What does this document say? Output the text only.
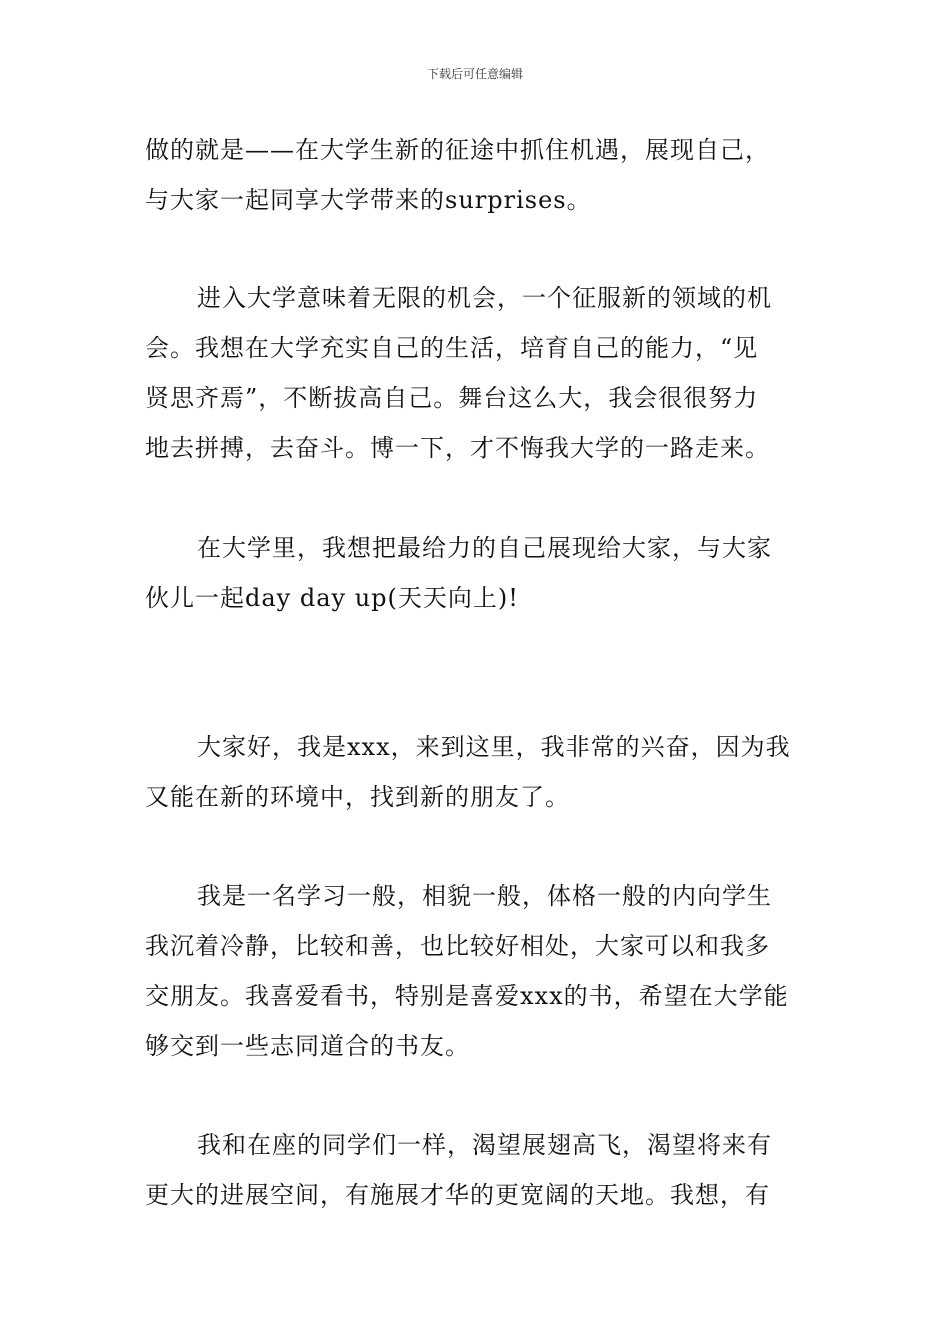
下载后可任意编辑
做的就是——在大学生新的征途中抓住机遇，展现自己，
与大家一起同享大学带来的surprises。
进入大学意味着无限的机会，一个征服新的领域的机
会。我想在大学充实自己的生活，培育自己的能力，“见
贤思齐焉”，不断拔高自己。舞台这么大，我会很很努力
地去拼搏，去奋斗。博一下，才不悔我大学的一路走来。
在大学里，我想把最给力的自己展现给大家，与大家
伙儿一起day day up(天天向上)!
大家好，我是xxx，来到这里，我非常的兴奋，因为我
又能在新的环境中，找到新的朋友了。
我是一名学习一般，相貌一般，体格一般的内向学生
我沉着冷静，比较和善，也比较好相处，大家可以和我多
交朋友。我喜爱看书，特别是喜爱xxx的书，希望在大学能
够交到一些志同道合的书友。
我和在座的同学们一样，渴望展翅高飞，渴望将来有
更大的进展空间，有施展才华的更宽阔的天地。我想，有
